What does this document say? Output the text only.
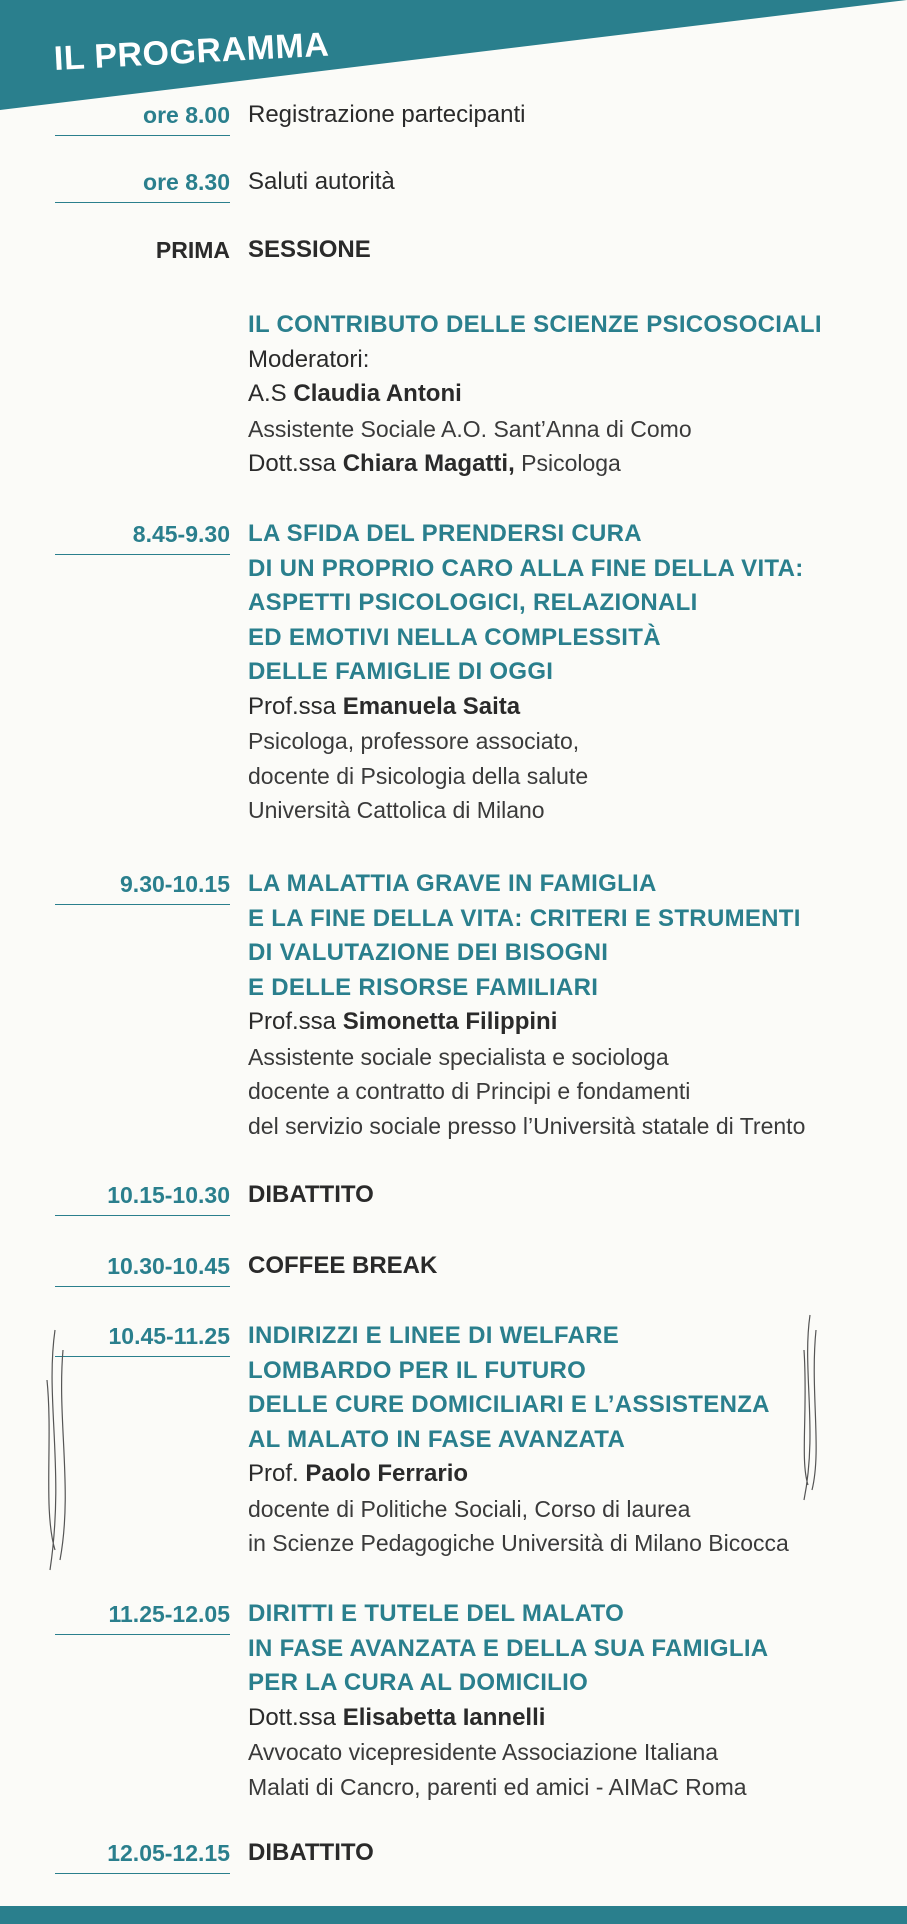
IL PROGRAMMA
ore 8.00 Registrazione partecipanti
ore 8.30 Saluti autorità
PRIMA SESSIONE
IL CONTRIBUTO DELLE SCIENZE PSICOSOCIALI
Moderatori:
A.S Claudia Antoni
Assistente Sociale A.O. Sant’Anna di Como
Dott.ssa Chiara Magatti, Psicologa
8.45-9.30 LA SFIDA DEL PRENDERSI CURA
DI UN PROPRIO CARO ALLA FINE DELLA VITA:
ASPETTI PSICOLOGICI, RELAZIONALI
ED EMOTIVI NELLA COMPLESSITÀ
DELLE FAMIGLIE DI OGGI
Prof.ssa Emanuela Saita
Psicologa, professore associato,
docente di Psicologia della salute
Università Cattolica di Milano
9.30-10.15 LA MALATTIA GRAVE IN FAMIGLIA
E LA FINE DELLA VITA: CRITERI E STRUMENTI
DI VALUTAZIONE DEI BISOGNI
E DELLE RISORSE FAMILIARI
Prof.ssa Simonetta Filippini
Assistente sociale specialista e sociologa
docente a contratto di Principi e fondamenti
del servizio sociale presso l’Università statale di Trento
10.15-10.30 DIBATTITO
10.30-10.45 COFFEE BREAK
10.45-11.25 INDIRIZZI E LINEE DI WELFARE
LOMBARDO PER IL FUTURO
DELLE CURE DOMICILIARI E L’ASSISTENZA
AL MALATO IN FASE AVANZATA
Prof. Paolo Ferrario
docente di Politiche Sociali, Corso di laurea
in Scienze Pedagogiche Università di Milano Bicocca
11.25-12.05 DIRITTI E TUTELE DEL MALATO
IN FASE AVANZATA E DELLA SUA FAMIGLIA
PER LA CURA AL DOMICILIO
Dott.ssa Elisabetta Iannelli
Avvocato vicepresidente Associazione Italiana
Malati di Cancro, parenti ed amici - AIMaC Roma
12.05-12.15 DIBATTITO
